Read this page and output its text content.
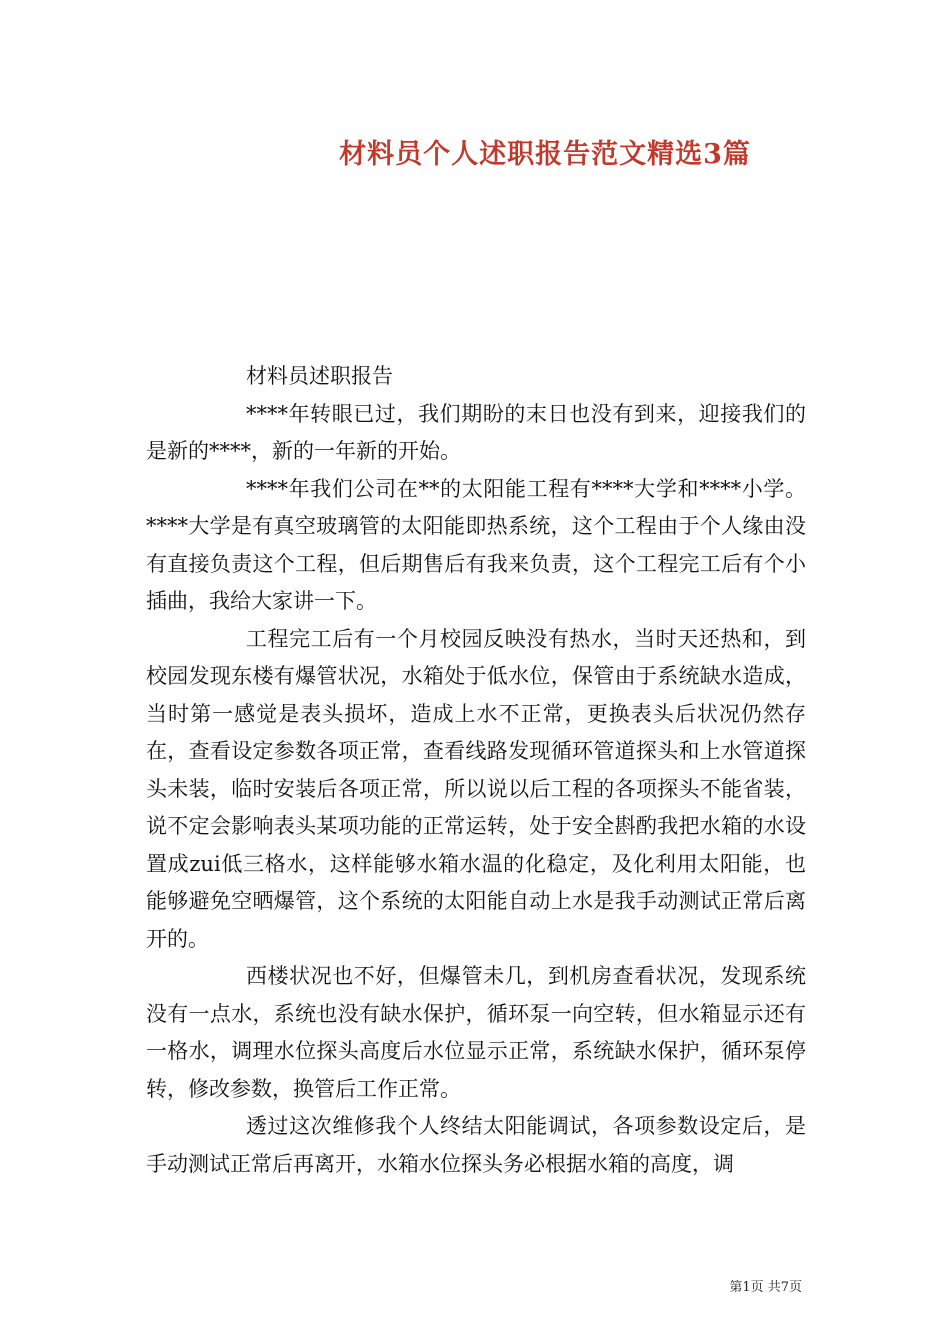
材料员个人述职报告范文精选3篇

材料员述职报告

****年转眼已过，我们期盼的末日也没有到来，迎接我们的是新的****，新的一年新的开始。

****年我们公司在**的太阳能工程有****大学和****小学。****大学是有真空玻璃管的太阳能即热系统，这个工程由于个人缘由没有直接负责这个工程，但后期售后有我来负责，这个工程完工后有个小插曲，我给大家讲一下。

工程完工后有一个月校园反映没有热水，当时天还热和，到校园发现东楼有爆管状况，水箱处于低水位，保管由于系统缺水造成，当时第一感觉是表头损坏，造成上水不正常，更换表头后状况仍然存在，查看设定参数各项正常，查看线路发现循环管道探头和上水管道探头未装，临时安装后各项正常，所以说以后工程的各项探头不能省装，说不定会影响表头某项功能的正常运转，处于安全斟酌我把水箱的水设置成zui低三格水，这样能够水箱水温的化稳定，及化利用太阳能，也能够避免空晒爆管，这个系统的太阳能自动上水是我手动测试正常后离开的。

西楼状况也不好，但爆管未几，到机房查看状况，发现系统没有一点水，系统也没有缺水保护，循环泵一向空转，但水箱显示还有一格水，调理水位探头高度后水位显示正常，系统缺水保护，循环泵停转，修改参数，换管后工作正常。

透过这次维修我个人终结太阳能调试，各项参数设定后，是手动测试正常后再离开，水箱水位探头务必根据水箱的高度，调

第1页 共7页
